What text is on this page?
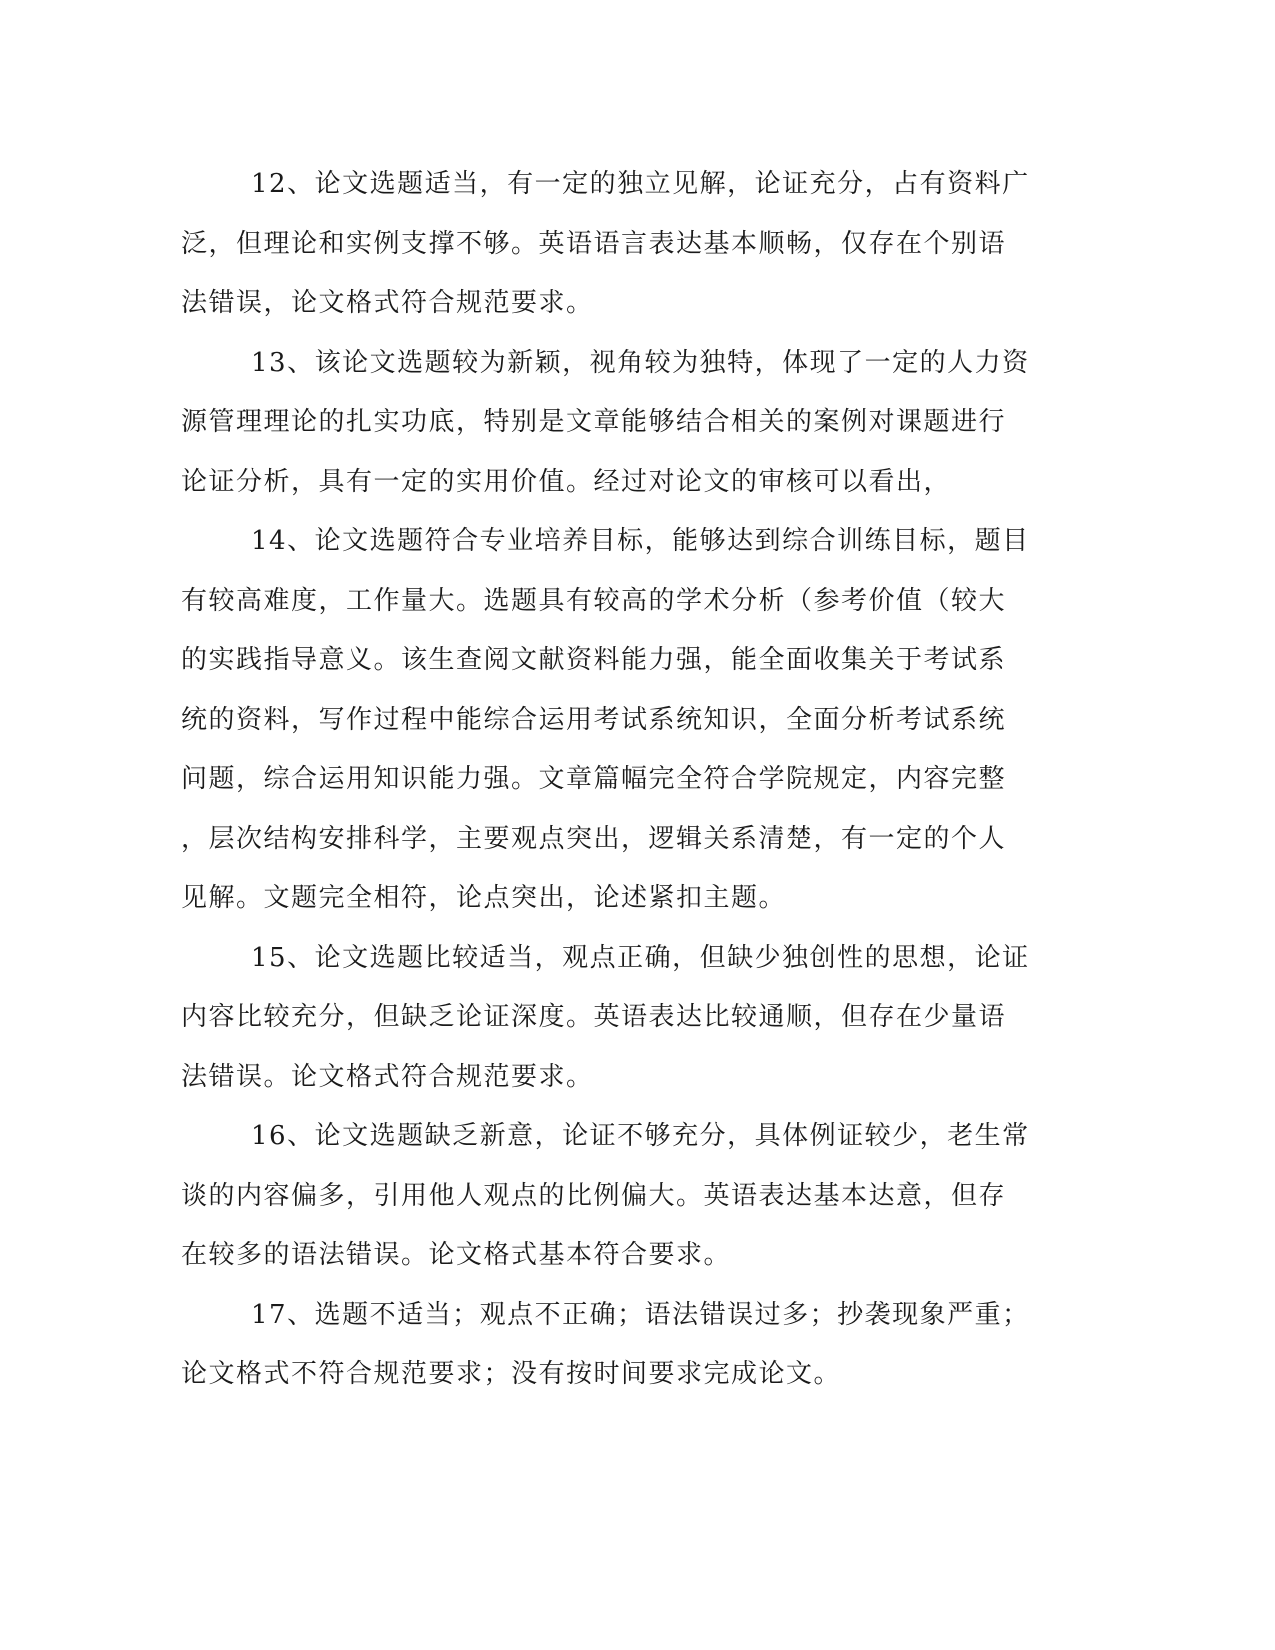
12、论文选题适当，有一定的独立见解，论证充分，占有资料广
泛，但理论和实例支撑不够。英语语言表达基本顺畅，仅存在个别语
法错误，论文格式符合规范要求。
13、该论文选题较为新颖，视角较为独特，体现了一定的人力资
源管理理论的扎实功底，特别是文章能够结合相关的案例对课题进行
论证分析，具有一定的实用价值。经过对论文的审核可以看出，
14、论文选题符合专业培养目标，能够达到综合训练目标，题目
有较高难度，工作量大。选题具有较高的学术分析（参考价值（较大
的实践指导意义。该生查阅文献资料能力强，能全面收集关于考试系
统的资料，写作过程中能综合运用考试系统知识，全面分析考试系统
问题，综合运用知识能力强。文章篇幅完全符合学院规定，内容完整
，层次结构安排科学，主要观点突出，逻辑关系清楚，有一定的个人
见解。文题完全相符，论点突出，论述紧扣主题。
15、论文选题比较适当，观点正确，但缺少独创性的思想，论证
内容比较充分，但缺乏论证深度。英语表达比较通顺，但存在少量语
法错误。论文格式符合规范要求。
16、论文选题缺乏新意，论证不够充分，具体例证较少，老生常
谈的内容偏多，引用他人观点的比例偏大。英语表达基本达意，但存
在较多的语法错误。论文格式基本符合要求。
17、选题不适当；观点不正确；语法错误过多；抄袭现象严重；
论文格式不符合规范要求；没有按时间要求完成论文。
